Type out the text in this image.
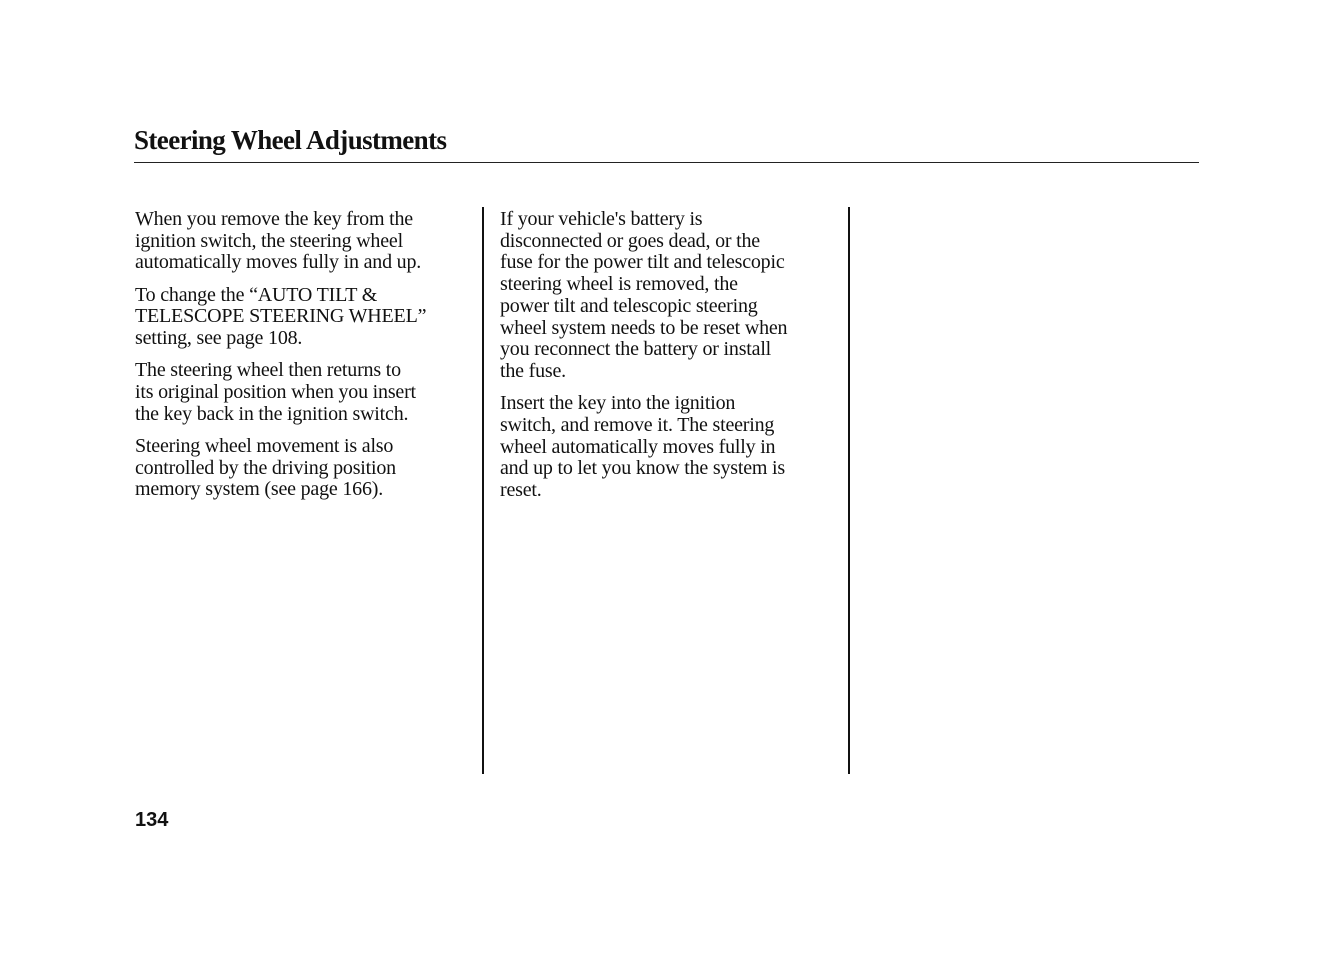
Steering Wheel Adjustments

When you remove the key from the
ignition switch, the steering wheel
automatically moves fully in and up.

To change the “AUTO TILT &
TELESCOPE STEERING WHEEL”
setting, see page 108.

The steering wheel then returns to
its original position when you insert
the key back in the ignition switch.

Steering wheel movement is also
controlled by the driving position
memory system (see page 166).

If your vehicle's battery is
disconnected or goes dead, or the
fuse for the power tilt and telescopic
steering wheel is removed, the
power tilt and telescopic steering
wheel system needs to be reset when
you reconnect the battery or install
the fuse.

Insert the key into the ignition
switch, and remove it. The steering
wheel automatically moves fully in
and up to let you know the system is
reset.

134
